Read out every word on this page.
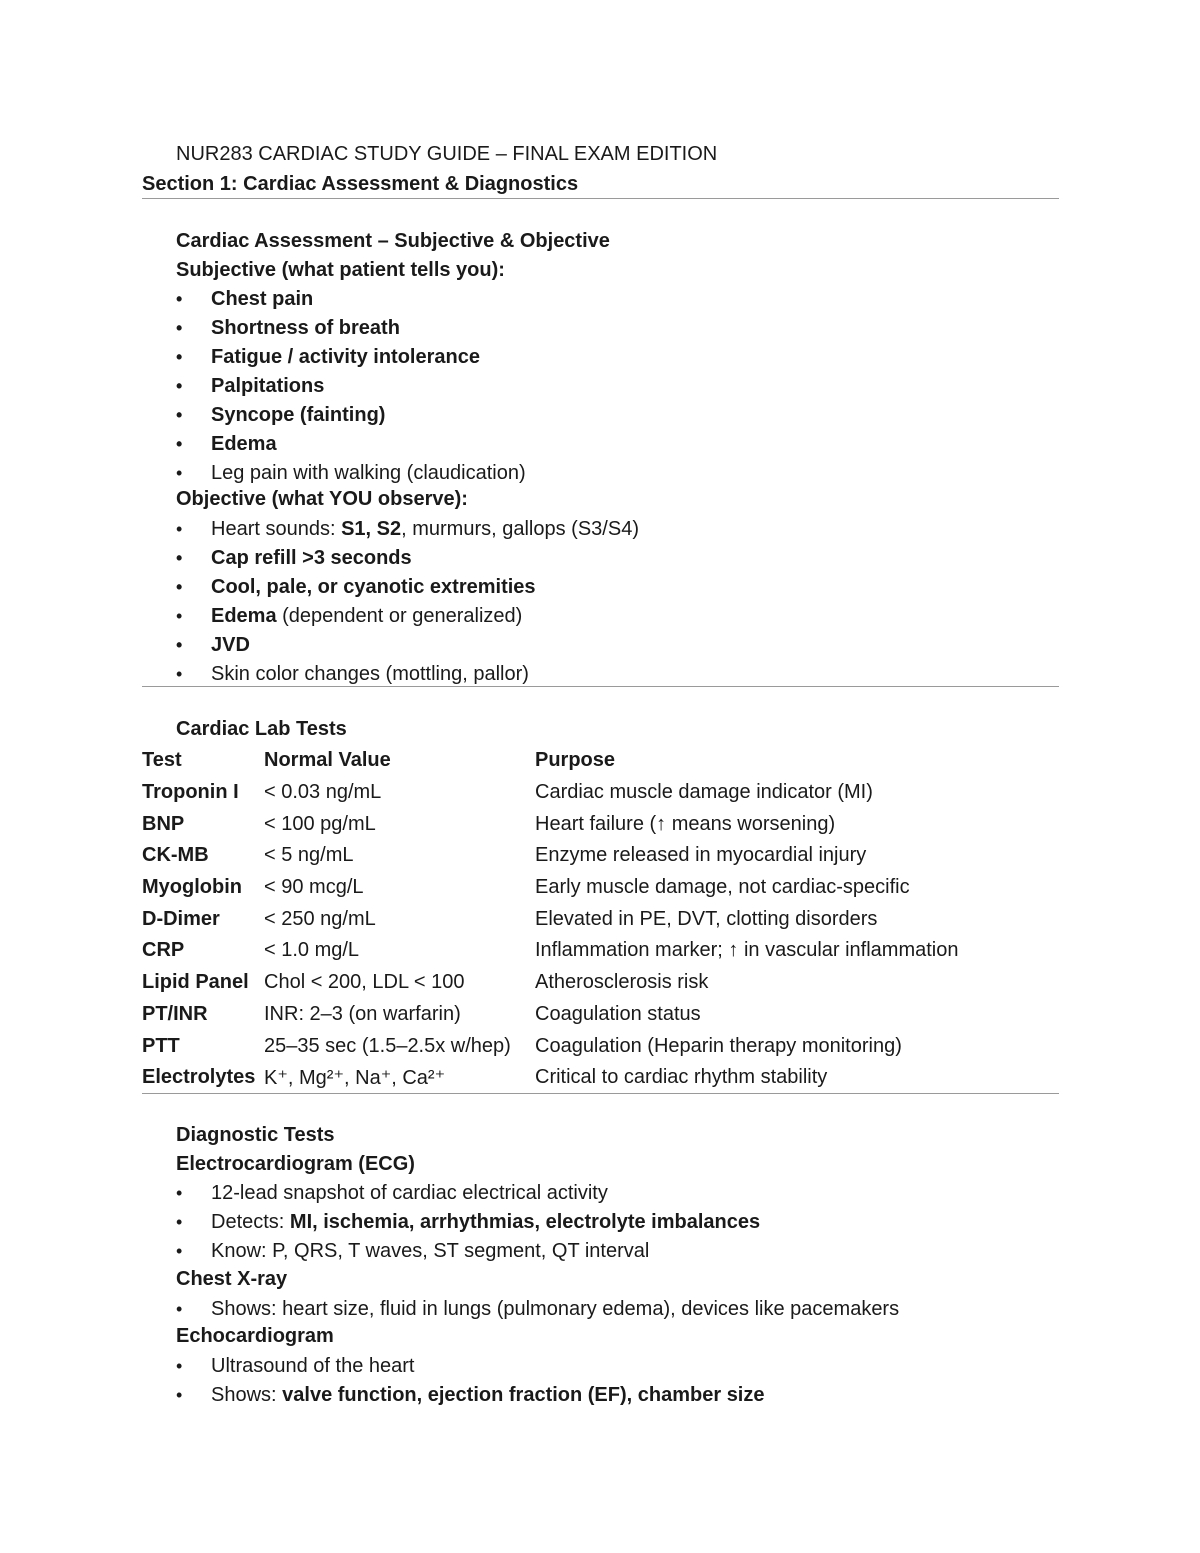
NUR283 CARDIAC STUDY GUIDE – FINAL EXAM EDITION
Section 1: Cardiac Assessment & Diagnostics
Cardiac Assessment – Subjective & Objective
Subjective (what patient tells you):
• Chest pain
• Shortness of breath
• Fatigue / activity intolerance
• Palpitations
• Syncope (fainting)
• Edema
• Leg pain with walking (claudication)
Objective (what YOU observe):
• Heart sounds: S1, S2, murmurs, gallops (S3/S4)
• Cap refill >3 seconds
• Cool, pale, or cyanotic extremities
• Edema (dependent or generalized)
• JVD
• Skin color changes (mottling, pallor)
Cardiac Lab Tests
Test	Normal Value	Purpose
Troponin I	< 0.03 ng/mL	Cardiac muscle damage indicator (MI)
BNP	< 100 pg/mL	Heart failure (↑ means worsening)
CK-MB	< 5 ng/mL	Enzyme released in myocardial injury
Myoglobin	< 90 mcg/L	Early muscle damage, not cardiac-specific
D-Dimer	< 250 ng/mL	Elevated in PE, DVT, clotting disorders
CRP	< 1.0 mg/L	Inflammation marker; ↑ in vascular inflammation
Lipid Panel	Chol < 200, LDL < 100	Atherosclerosis risk
PT/INR	INR: 2–3 (on warfarin)	Coagulation status
PTT	25–35 sec (1.5–2.5x w/hep)	Coagulation (Heparin therapy monitoring)
Electrolytes	K⁺, Mg²⁺, Na⁺, Ca²⁺	Critical to cardiac rhythm stability
Diagnostic Tests
Electrocardiogram (ECG)
• 12-lead snapshot of cardiac electrical activity
• Detects: MI, ischemia, arrhythmias, electrolyte imbalances
• Know: P, QRS, T waves, ST segment, QT interval
Chest X-ray
• Shows: heart size, fluid in lungs (pulmonary edema), devices like pacemakers
Echocardiogram
• Ultrasound of the heart
• Shows: valve function, ejection fraction (EF), chamber size
